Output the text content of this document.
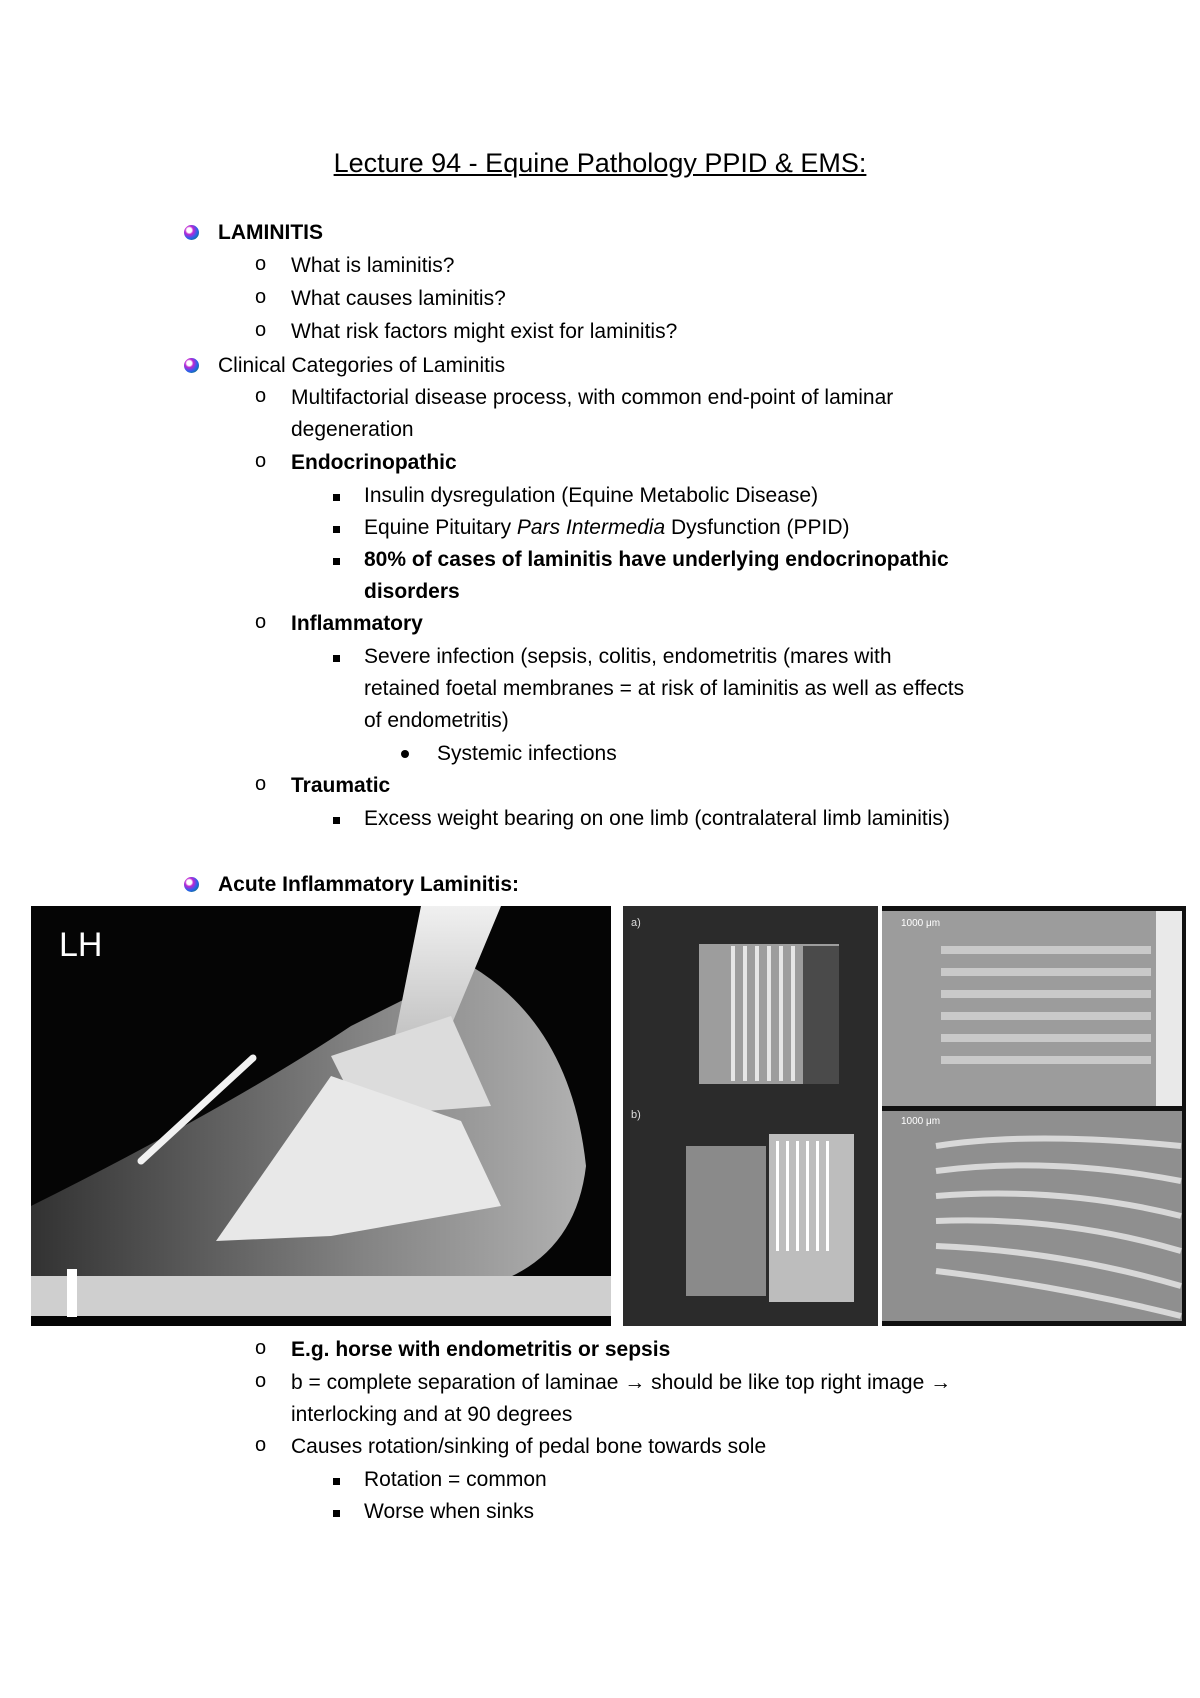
Lecture 94 - Equine Pathology PPID & EMS:
LAMINITIS
o What is laminitis?
o What causes laminitis?
o What risk factors might exist for laminitis?
Clinical Categories of Laminitis
o Multifactorial disease process, with common end-point of laminar
degeneration
o Endocrinopathic
Insulin dysregulation (Equine Metabolic Disease)
Equine Pituitary Pars Intermedia Dysfunction (PPID)
80% of cases of laminitis have underlying endocrinopathic
disorders
o Inflammatory
Severe infection (sepsis, colitis, endometritis (mares with
retained foetal membranes = at risk of laminitis as well as effects
of endometritis)
Systemic infections
o Traumatic
Excess weight bearing on one limb (contralateral limb laminitis)
Acute Inflammatory Laminitis:
LH
a)
b)
1000 μm
1000 μm
o E.g. horse with endometritis or sepsis
o b = complete separation of laminae → should be like top right image →
interlocking and at 90 degrees
o Causes rotation/sinking of pedal bone towards sole
Rotation = common
Worse when sinks
